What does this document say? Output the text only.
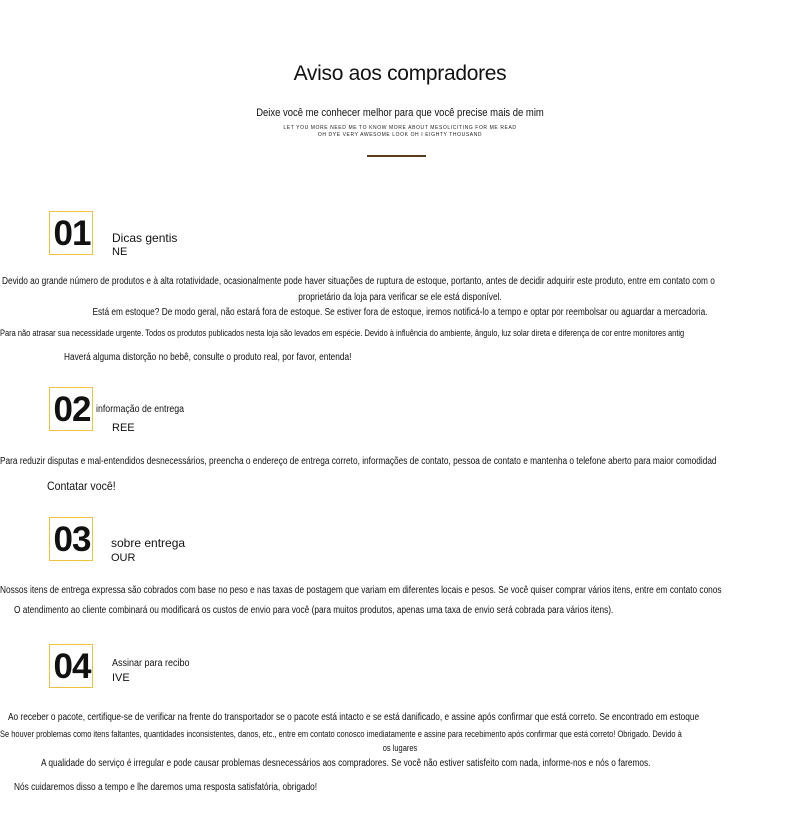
Aviso aos compradores
Deixe você me conhecer melhor para que você precise mais de mim
LET YOU MORE NEED ME TO KNOW MORE ABOUT MESOLICITING FOR ME READ
OH DYE VERY AWESOME LOOK OH I EIGHTY THOUSAND
01 Dicas gentis
NE
Devido ao grande número de produtos e à alta rotatividade, ocasionalmente pode haver situações de ruptura de estoque, portanto, antes de decidir adquirir este produto, entre em contato com o
proprietário da loja para verificar se ele está disponível.
Está em estoque? De modo geral, não estará fora de estoque. Se estiver fora de estoque, iremos notificá-lo a tempo e optar por reembolsar ou aguardar a mercadoria.
Para não atrasar sua necessidade urgente. Todos os produtos publicados nesta loja são levados em espécie. Devido à influência do ambiente, ângulo, luz solar direta e diferença de cor entre monitores antig
Haverá alguma distorção no bebê, consulte o produto real, por favor, entenda!
02 informação de entrega
REE
Para reduzir disputas e mal-entendidos desnecessários, preencha o endereço de entrega correto, informações de contato, pessoa de contato e mantenha o telefone aberto para maior comodidad
Contatar você!
03 sobre entrega
OUR
Nossos itens de entrega expressa são cobrados com base no peso e nas taxas de postagem que variam em diferentes locais e pesos. Se você quiser comprar vários itens, entre em contato conos
O atendimento ao cliente combinará ou modificará os custos de envio para você (para muitos produtos, apenas uma taxa de envio será cobrada para vários itens).
04	Assinar para recibo
IVE
Ao receber o pacote, certifique-se de verificar na frente do transportador se o pacote está intacto e se está danificado, e assine após confirmar que está correto. Se encontrado em estoque
Se houver problemas como itens faltantes, quantidades inconsistentes, danos, etc., entre em contato conosco imediatamente e assine para recebimento após confirmar que está correto! Obrigado. Devido à
os lugares
A qualidade do serviço é irregular e pode causar problemas desnecessários aos compradores. Se você não estiver satisfeito com nada, informe-nos e nós o faremos.
Nós cuidaremos disso a tempo e lhe daremos uma resposta satisfatória, obrigado!
